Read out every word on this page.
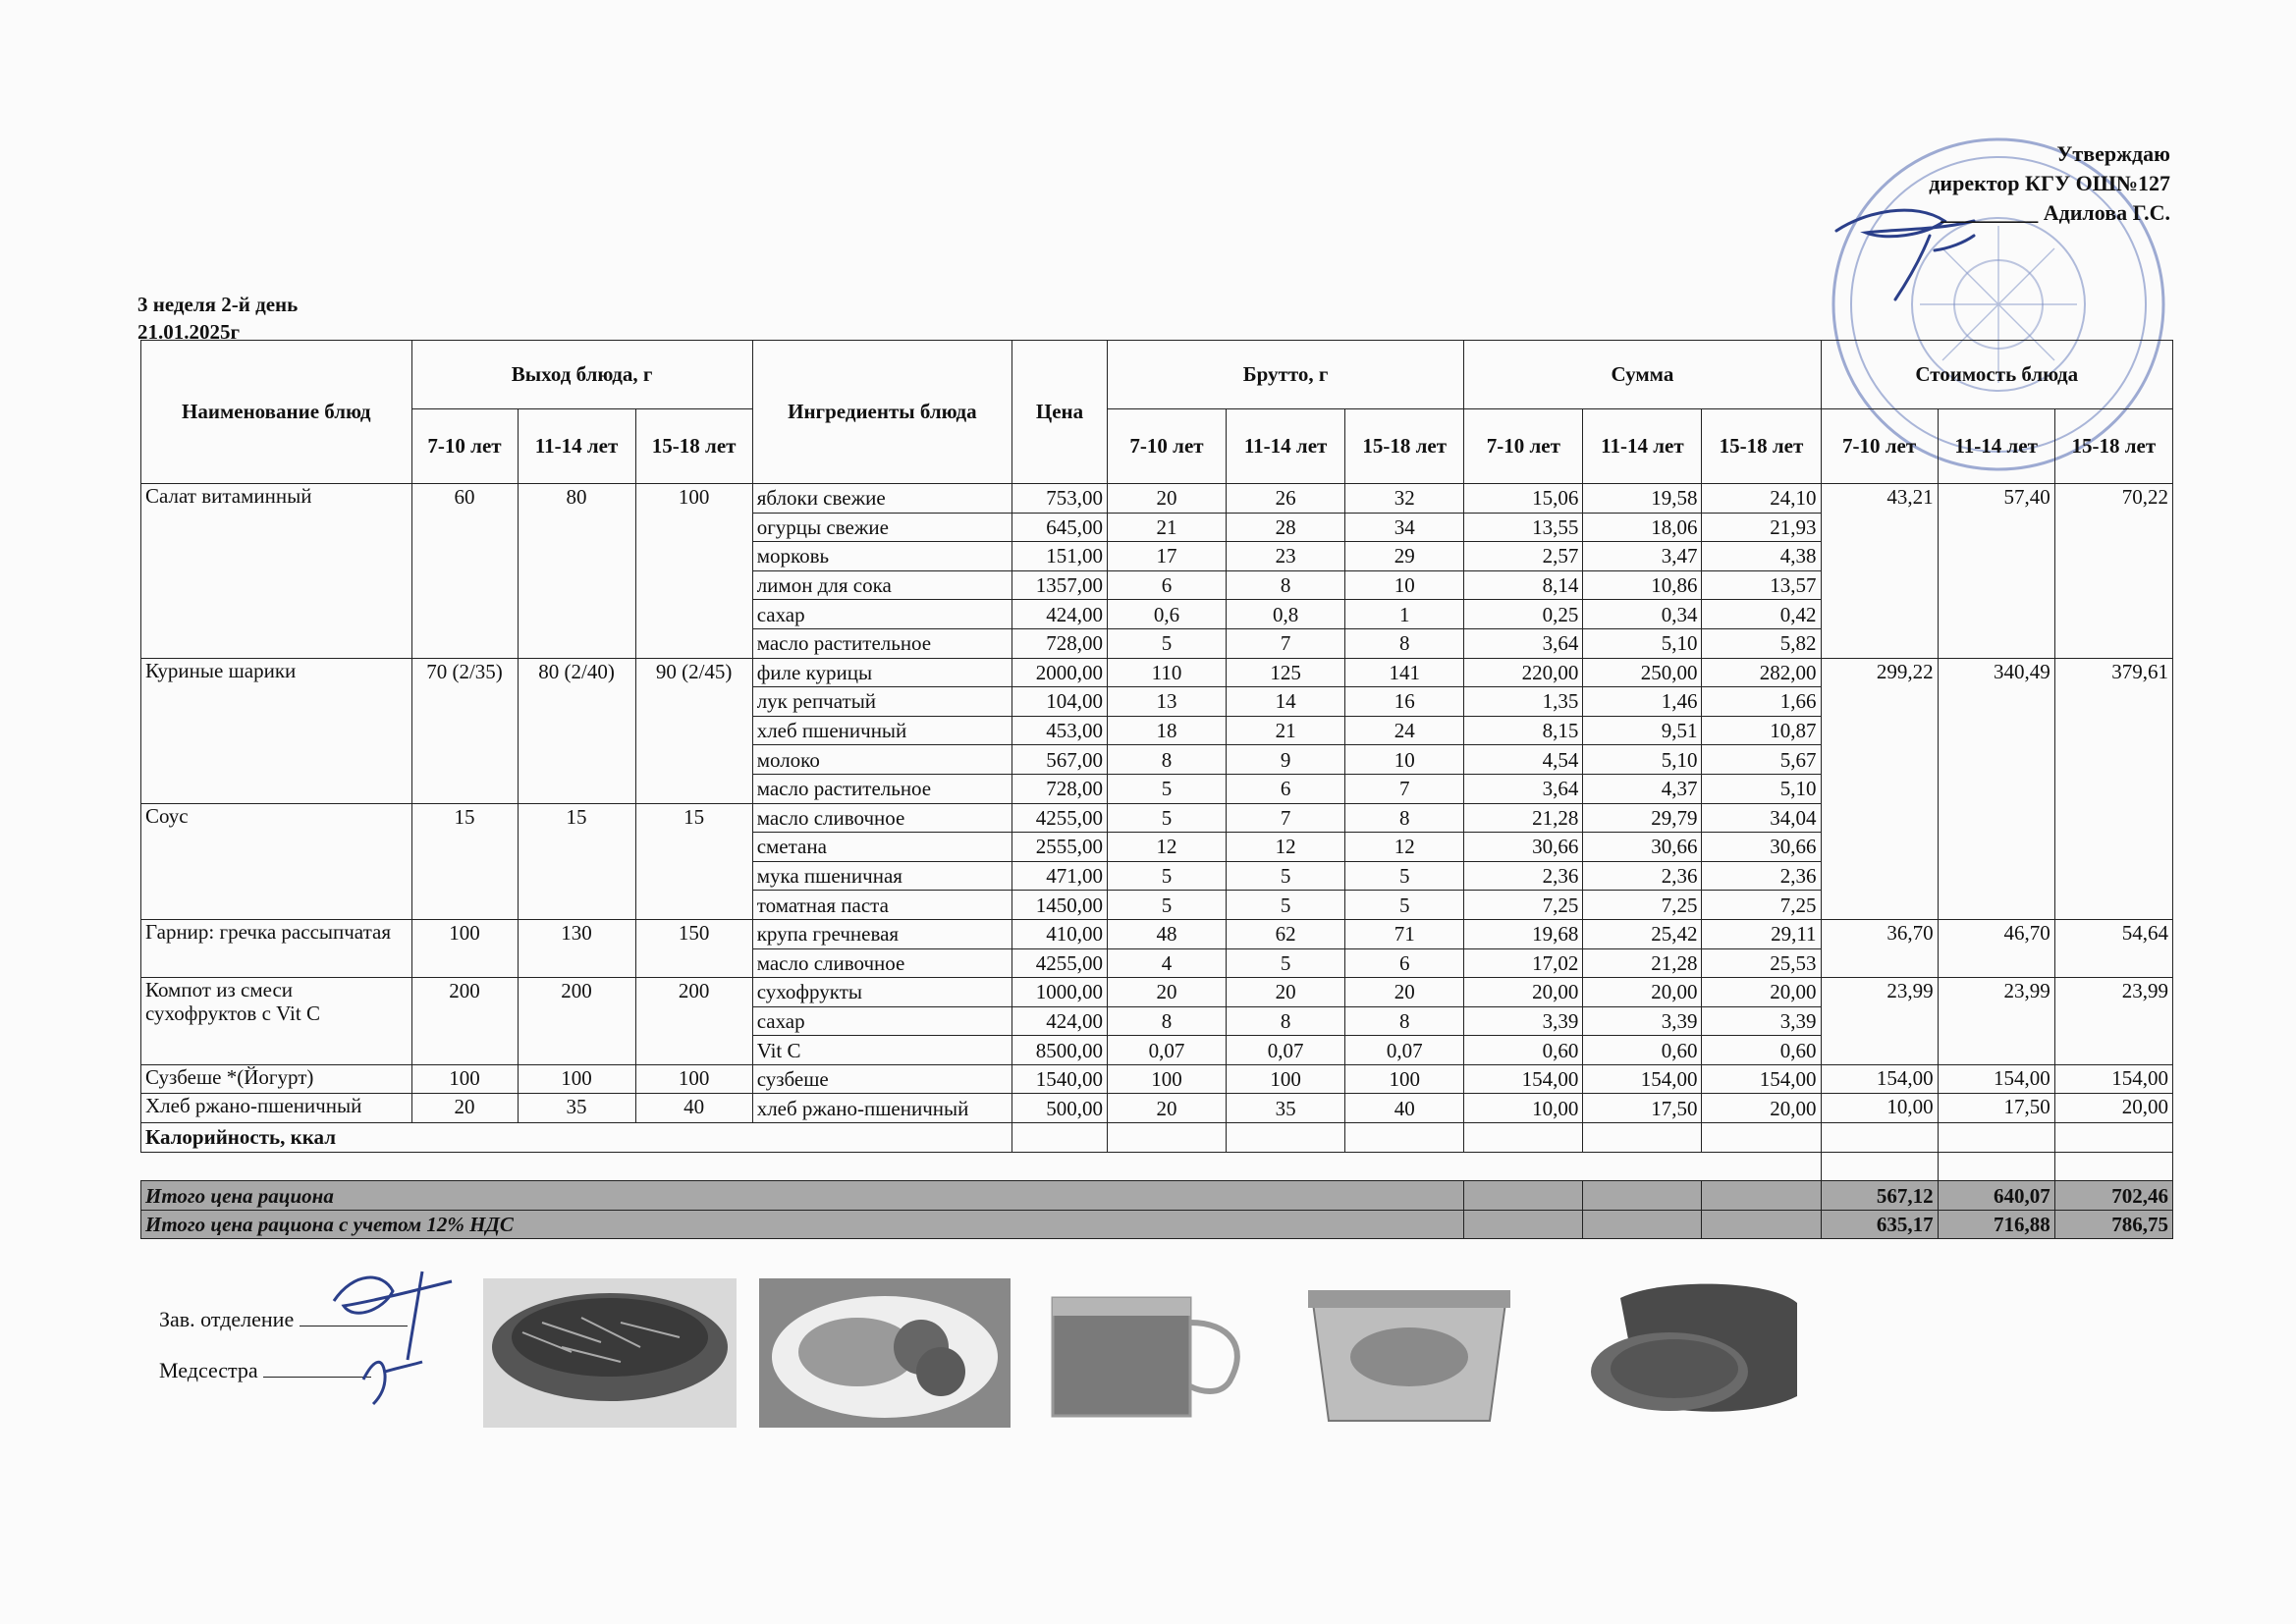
Утверждаю
директор КГУ ОШ№127
_________ Адилова Г.С.
3 неделя 2-й день
21.01.2025г
Наименование блюд	Выход блюда, г			Ингредиенты блюда	Цена	Брутто, г			Сумма			Стоимость блюда		
	7-10 лет	11-14 лет	15-18 лет			7-10 лет	11-14 лет	15-18 лет	7-10 лет	11-14 лет	15-18 лет	7-10 лет	11-14 лет	15-18 лет
Салат витаминный	60	80	100	яблоки свежие	753,00	20	26	32	15,06	19,58	24,10	43,21	57,40	70,22
				огурцы свежие	645,00	21	28	34	13,55	18,06	21,93			
				морковь	151,00	17	23	29	2,57	3,47	4,38			
				лимон для сока	1357,00	6	8	10	8,14	10,86	13,57			
				сахар	424,00	0,6	0,8	1	0,25	0,34	0,42			
				масло растительное	728,00	5	7	8	3,64	5,10	5,82			
Куриные шарики	70 (2/35)	80 (2/40)	90 (2/45)	филе курицы	2000,00	110	125	141	220,00	250,00	282,00	299,22	340,49	379,61
				лук репчатый	104,00	13	14	16	1,35	1,46	1,66			
				хлеб пшеничный	453,00	18	21	24	8,15	9,51	10,87			
				молоко	567,00	8	9	10	4,54	5,10	5,67			
				масло растительное	728,00	5	6	7	3,64	4,37	5,10			
Соус	15	15	15	масло сливочное	4255,00	5	7	8	21,28	29,79	34,04			
				сметана	2555,00	12	12	12	30,66	30,66	30,66			
				мука пшеничная	471,00	5	5	5	2,36	2,36	2,36			
				томатная паста	1450,00	5	5	5	7,25	7,25	7,25			
Гарнир: гречка рассыпчатая	100	130	150	крупа гречневая	410,00	48	62	71	19,68	25,42	29,11	36,70	46,70	54,64
				масло сливочное	4255,00	4	5	6	17,02	21,28	25,53			
Компот из смеси сухофруктов с Vit C	200	200	200	сухофрукты	1000,00	20	20	20	20,00	20,00	20,00	23,99	23,99	23,99
				сахар	424,00	8	8	8	3,39	3,39	3,39			
				Vit C	8500,00	0,07	0,07	0,07	0,60	0,60	0,60			
Сузбеше *(Йогурт)	100	100	100	сузбеше	1540,00	100	100	100	154,00	154,00	154,00	154,00	154,00	154,00
Хлеб ржано-пшеничный	20	35	40	хлеб ржано-пшеничный	500,00	20	35	40	10,00	17,50	20,00	10,00	17,50	20,00
Калорийность, ккал														

Итого цена рациона												567,12	640,07	702,46
Итого цена рациона с учетом 12% НДС												635,17	716,88	786,75
Зав. отделение
Медсестра
